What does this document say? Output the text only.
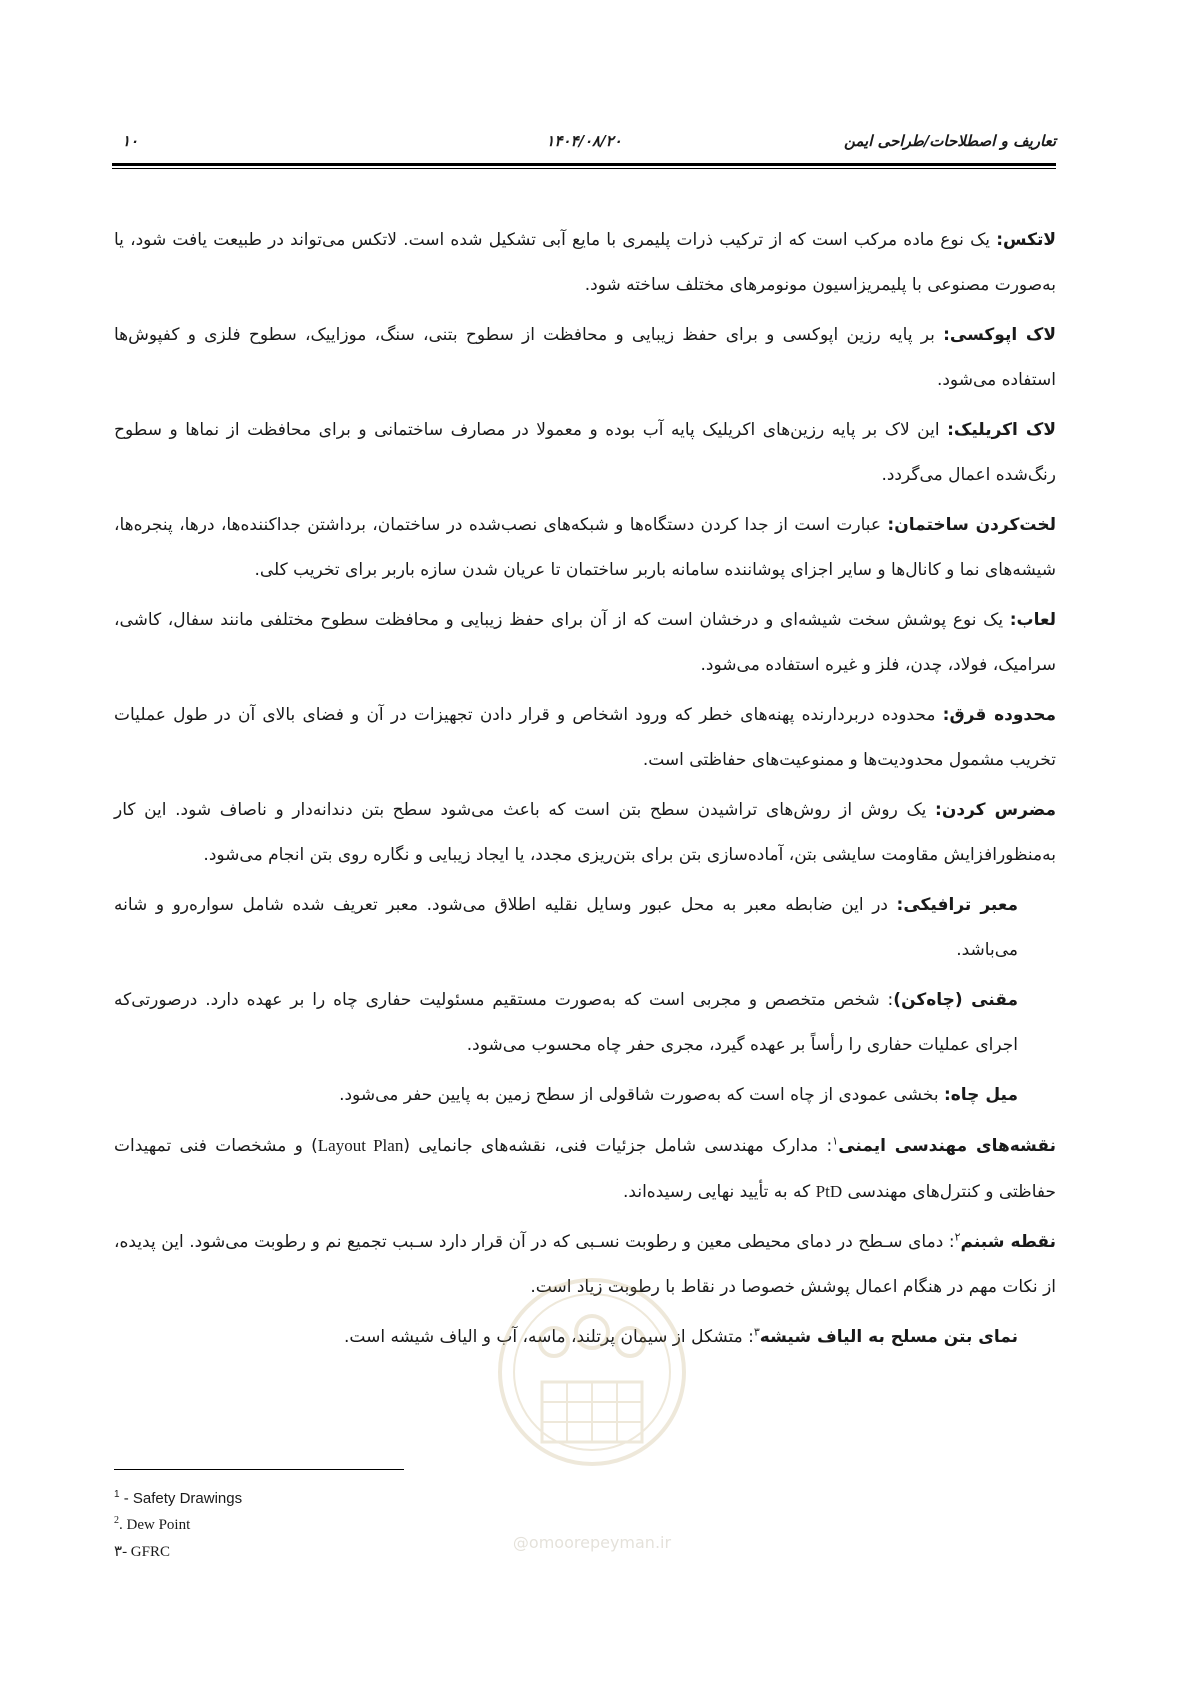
۱۰	۱۴۰۴/۰۸/۲۰	تعاریف و اصطلاحات/طراحی ایمن

لاتکس: یک نوع ماده مرکب است که از ترکیب ذرات پلیمری با مایع آبی تشکیل شده است. لاتکس می‌تواند در طبیعت یافت شود، یا به‌صورت مصنوعی با پلیمریزاسیون مونومرهای مختلف ساخته شود.

لاک اپوکسی: بر پایه رزین اپوکسی و برای حفظ زیبایی و محافظت از سطوح بتنی، سنگ، موزاییک، سطوح فلزی و کفپوش‌ها استفاده می‌شود.

لاک اکریلیک: این لاک بر پایه رزین‌های اکریلیک پایه آب بوده و معمولا در مصارف ساختمانی و برای محافظت از نماها و سطوح رنگ‌شده اعمال می‌گردد.

لخت‌کردن ساختمان: عبارت است از جدا کردن دستگاه‌ها و شبکه‌های نصب‌شده در ساختمان، برداشتن جداکننده‌ها، درها، پنجره‌ها، شیشه‌های نما و کانال‌ها و سایر اجزای پوشاننده سامانه باربر ساختمان تا عریان شدن سازه باربر برای تخریب کلی.

لعاب: یک نوع پوشش سخت شیشه‌ای و درخشان است که از آن برای حفظ زیبایی و محافظت سطوح مختلفی مانند سفال، کاشی، سرامیک، فولاد، چدن، فلز و غیره استفاده می‌شود.

محدوده قرق: محدوده دربردارنده پهنه‌های خطر که ورود اشخاص و قرار دادن تجهیزات در آن و فضای بالای آن در طول عملیات تخریب مشمول محدودیت‌ها و ممنوعیت‌های حفاظتی است.

مضرس کردن: یک روش از روش‌های تراشیدن سطح بتن است که باعث می‌شود سطح بتن دندانه‌دار و ناصاف شود. این کار به‌منظورافزایش مقاومت سایشی بتن، آماده‌سازی بتن برای بتن‌ریزی مجدد، یا ایجاد زیبایی و نگاره روی بتن انجام می‌شود.

معبر ترافیکی: در این ضابطه معبر به محل عبور وسایل نقلیه اطلاق می‌شود. معبر تعریف شده شامل سواره‌رو و شانه می‌باشد.

مقنی (چاه‌کن): شخص متخصص و مجربی است که به‌صورت مستقیم مسئولیت حفاری چاه را بر عهده دارد. درصورتی‌که اجرای عملیات حفاری را رأساً بر عهده گیرد، مجری حفر چاه محسوب می‌شود.

میل چاه: بخشی عمودی از چاه است که به‌صورت شاقولی از سطح زمین به پایین حفر می‌شود.

نقشه‌های مهندسی ایمنی$^۱$: مدارک مهندسی شامل جزئیات فنی، نقشه‌های جانمایی (Layout Plan) و مشخصات فنی تمهیدات حفاظتی و کنترل‌های مهندسی PtD که به تأیید نهایی رسیده‌اند.

نقطه شبنم$^۲$: دمای سـطح در دمای محیطی معین و رطوبت نسـبی که در آن قرار دارد سـبب تجمیع نم و رطوبت می‌شود. این پدیده، از نکات مهم در هنگام اعمال پوشش خصوصا در نقاط با رطوبت زیاد است.

نمای بتن مسلح به الیاف شیشه$^۳$: متشکل از سیمان پرتلند، ماسه، آب و الیاف شیشه است.

@omoorepeyman.ir

$^1$ - Safety Drawings

$^2$. Dew Point

۳- GFRC
